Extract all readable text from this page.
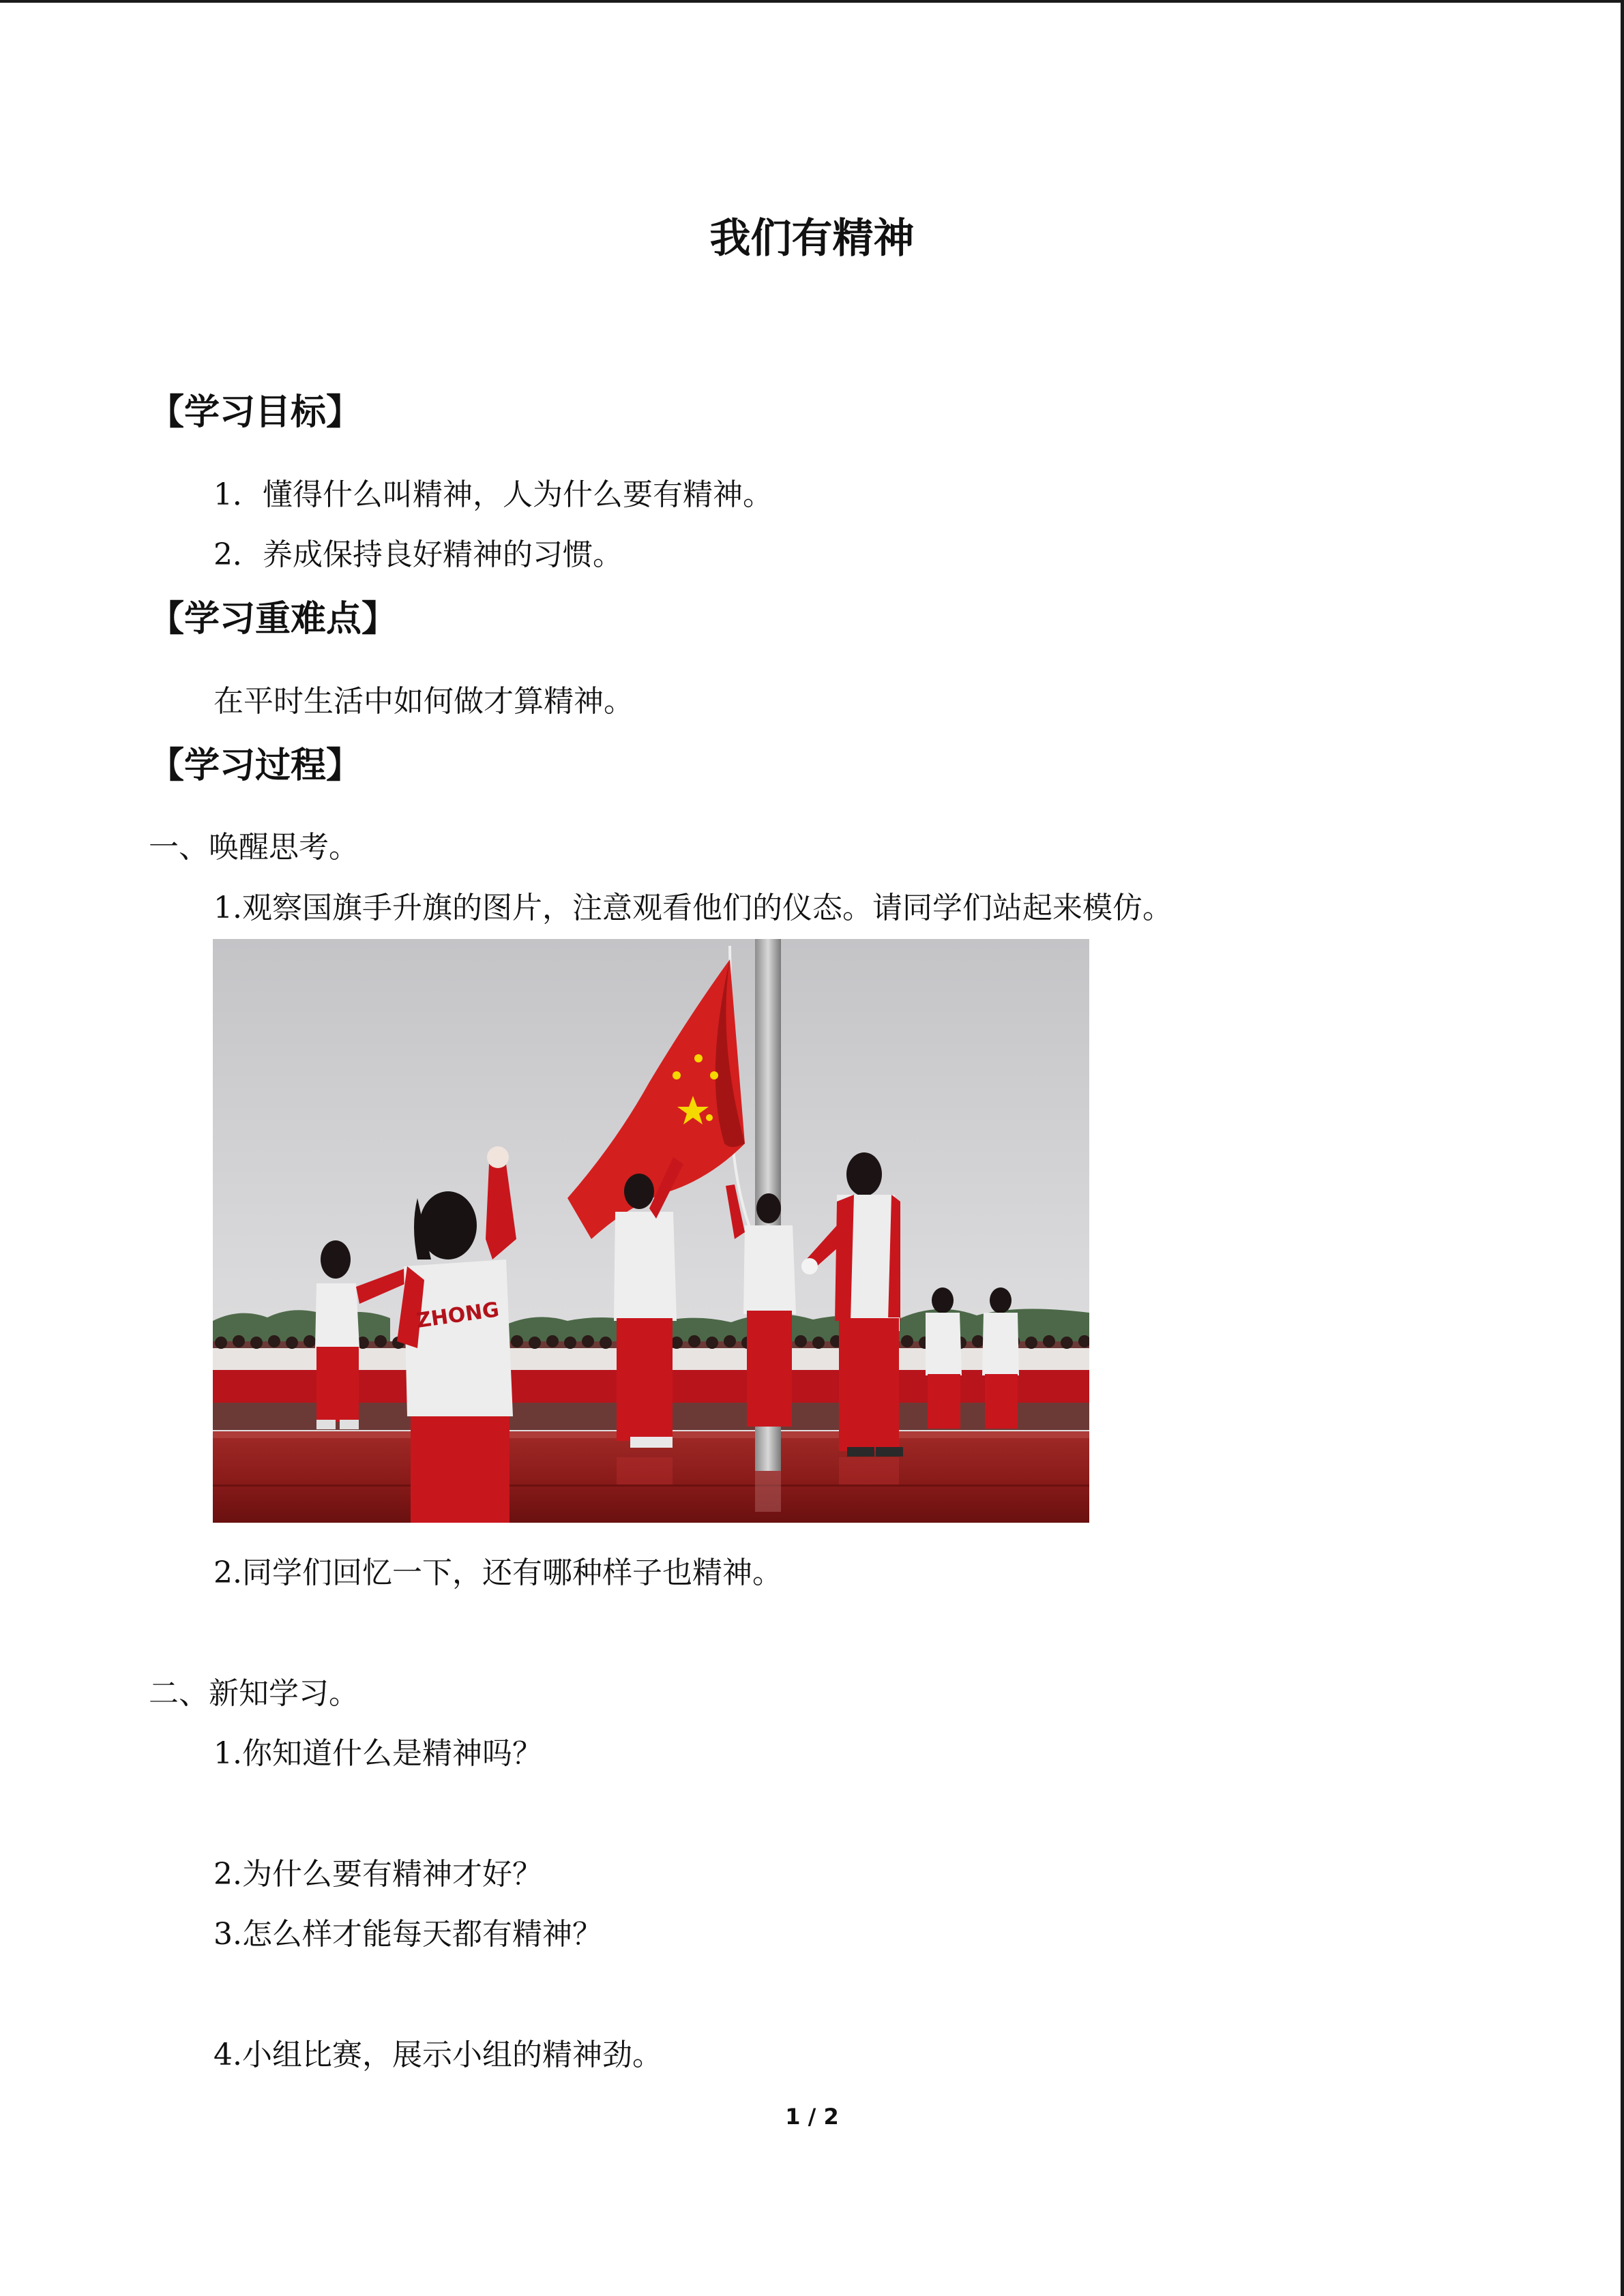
我们有精神
【学习目标】
1．懂得什么叫精神，人为什么要有精神。
2．养成保持良好精神的习惯。
【学习重难点】
在平时生活中如何做才算精神。
【学习过程】
一、唤醒思考。
1.观察国旗手升旗的图片，注意观看他们的仪态。请同学们站起来模仿。
ZHONG
2.同学们回忆一下，还有哪种样子也精神。
二、新知学习。
1.你知道什么是精神吗？
2.为什么要有精神才好？
3.怎么样才能每天都有精神？
4.小组比赛，展示小组的精神劲。
1 / 2
